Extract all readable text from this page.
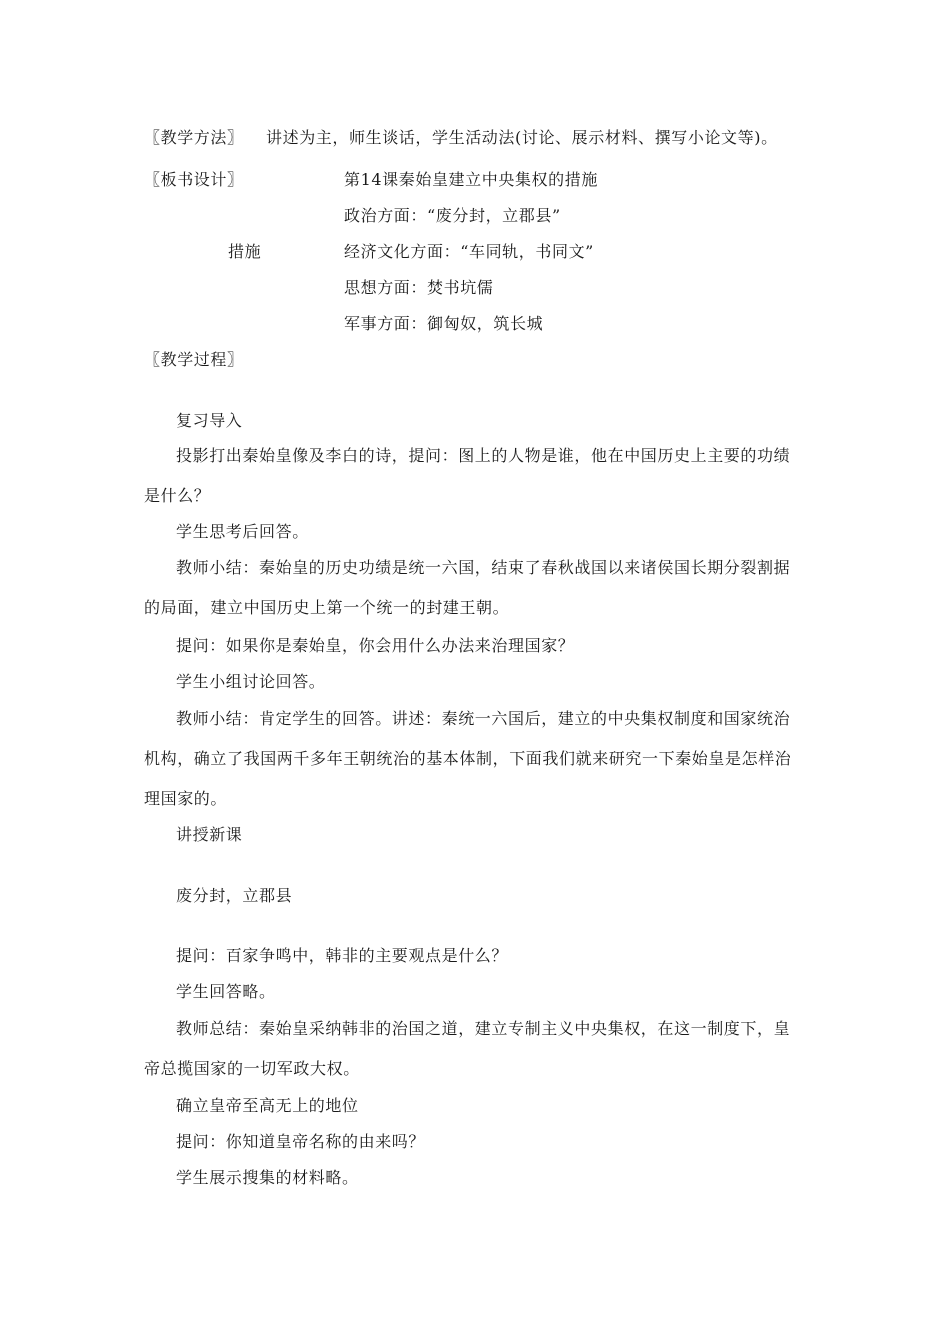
〖教学方法〗 讲述为主，师生谈话，学生活动法(讨论、展示材料、撰写小论文等)。
〖板书设计〗	第14课秦始皇建立中央集权的措施
政治方面：“废分封，立郡县”
措施	经济文化方面：“车同轨，书同文”
思想方面：焚书坑儒
军事方面：御匈奴，筑长城
〖教学过程〗
复习导入
投影打出秦始皇像及李白的诗，提问：图上的人物是谁，他在中国历史上主要的功绩
是什么？
学生思考后回答。
教师小结：秦始皇的历史功绩是统一六国，结束了春秋战国以来诸侯国长期分裂割据
的局面，建立中国历史上第一个统一的封建王朝。
提问：如果你是秦始皇，你会用什么办法来治理国家？
学生小组讨论回答。
教师小结：肯定学生的回答。讲述：秦统一六国后，建立的中央集权制度和国家统治
机构，确立了我国两千多年王朝统治的基本体制，下面我们就来研究一下秦始皇是怎样治
理国家的。
讲授新课
废分封，立郡县
提问：百家争鸣中，韩非的主要观点是什么？
学生回答略。
教师总结：秦始皇采纳韩非的治国之道，建立专制主义中央集权，在这一制度下，皇
帝总揽国家的一切军政大权。
确立皇帝至高无上的地位
提问：你知道皇帝名称的由来吗？
学生展示搜集的材料略。
